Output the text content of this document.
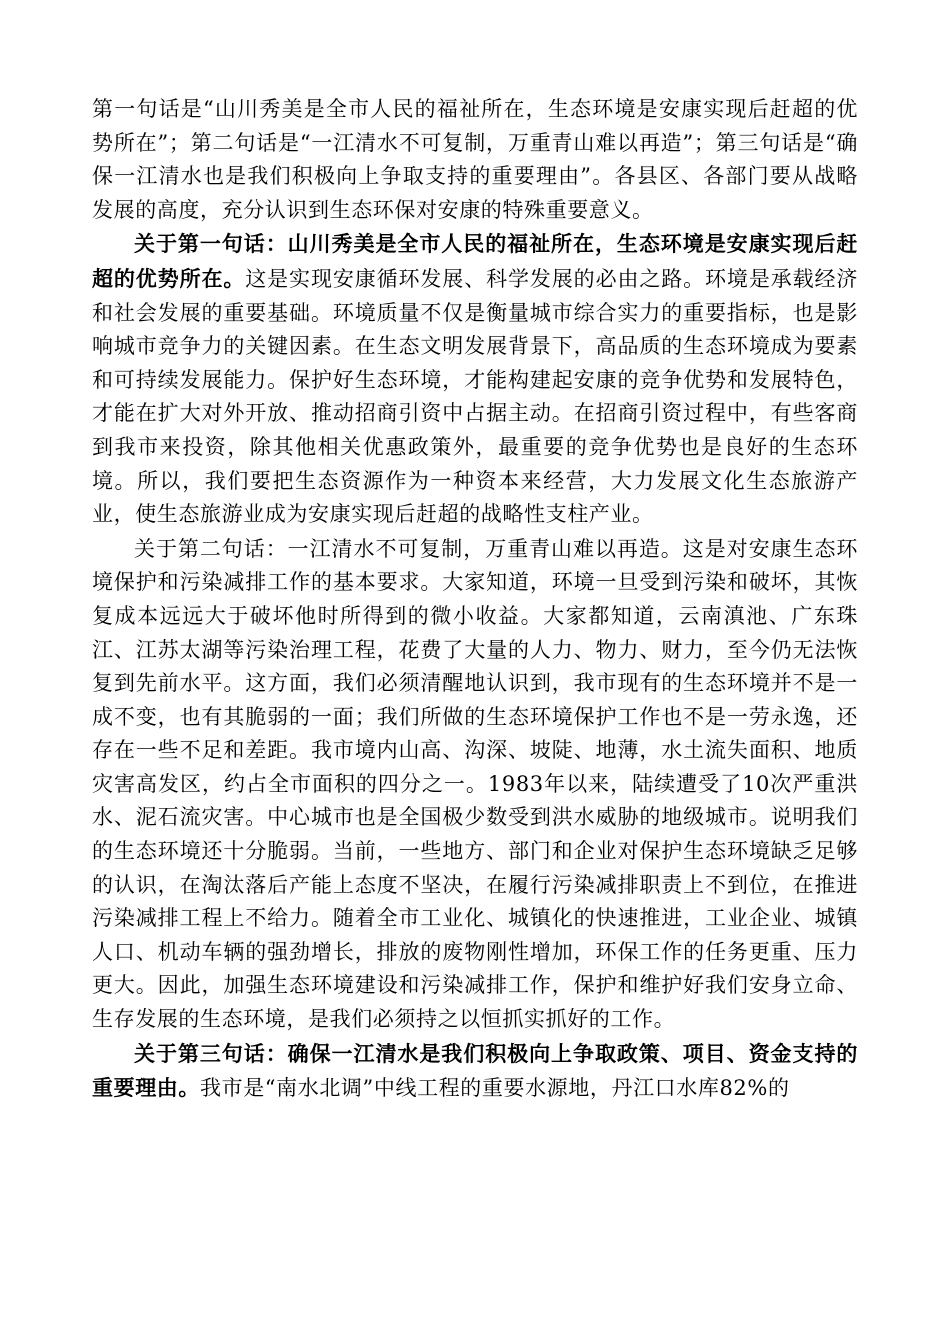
第一句话是“山川秀美是全市人民的福祉所在，生态环境是安康实现后赶超的优势所在”；第二句话是“一江清水不可复制，万重青山难以再造”；第三句话是“确保一江清水也是我们积极向上争取支持的重要理由”。各县区、各部门要从战略发展的高度，充分认识到生态环保对安康的特殊重要意义。

关于第一句话：山川秀美是全市人民的福祉所在，生态环境是安康实现后赶超的优势所在。这是实现安康循环发展、科学发展的必由之路。环境是承载经济和社会发展的重要基础。环境质量不仅是衡量城市综合实力的重要指标，也是影响城市竞争力的关键因素。在生态文明发展背景下，高品质的生态环境成为要素和可持续发展能力。保护好生态环境，才能构建起安康的竞争优势和发展特色，才能在扩大对外开放、推动招商引资中占据主动。在招商引资过程中，有些客商到我市来投资，除其他相关优惠政策外，最重要的竞争优势也是良好的生态环境。所以，我们要把生态资源作为一种资本来经营，大力发展文化生态旅游产业，使生态旅游业成为安康实现后赶超的战略性支柱产业。

关于第二句话：一江清水不可复制，万重青山难以再造。这是对安康生态环境保护和污染减排工作的基本要求。大家知道，环境一旦受到污染和破坏，其恢复成本远远大于破坏他时所得到的微小收益。大家都知道，云南滇池、广东珠江、江苏太湖等污染治理工程，花费了大量的人力、物力、财力，至今仍无法恢复到先前水平。这方面，我们必须清醒地认识到，我市现有的生态环境并不是一成不变，也有其脆弱的一面；我们所做的生态环境保护工作也不是一劳永逸，还存在一些不足和差距。我市境内山高、沟深、坡陡、地薄，水土流失面积、地质灾害高发区，约占全市面积的四分之一。1983年以来，陆续遭受了10次严重洪水、泥石流灾害。中心城市也是全国极少数受到洪水威胁的地级城市。说明我们的生态环境还十分脆弱。当前，一些地方、部门和企业对保护生态环境缺乏足够的认识，在淘汰落后产能上态度不坚决，在履行污染减排职责上不到位，在推进污染减排工程上不给力。随着全市工业化、城镇化的快速推进，工业企业、城镇人口、机动车辆的强劲增长，排放的废物刚性增加，环保工作的任务更重、压力更大。因此，加强生态环境建设和污染减排工作，保护和维护好我们安身立命、生存发展的生态环境，是我们必须持之以恒抓实抓好的工作。

关于第三句话：确保一江清水是我们积极向上争取政策、项目、资金支持的重要理由。我市是“南水北调”中线工程的重要水源地，丹江口水库82%的
